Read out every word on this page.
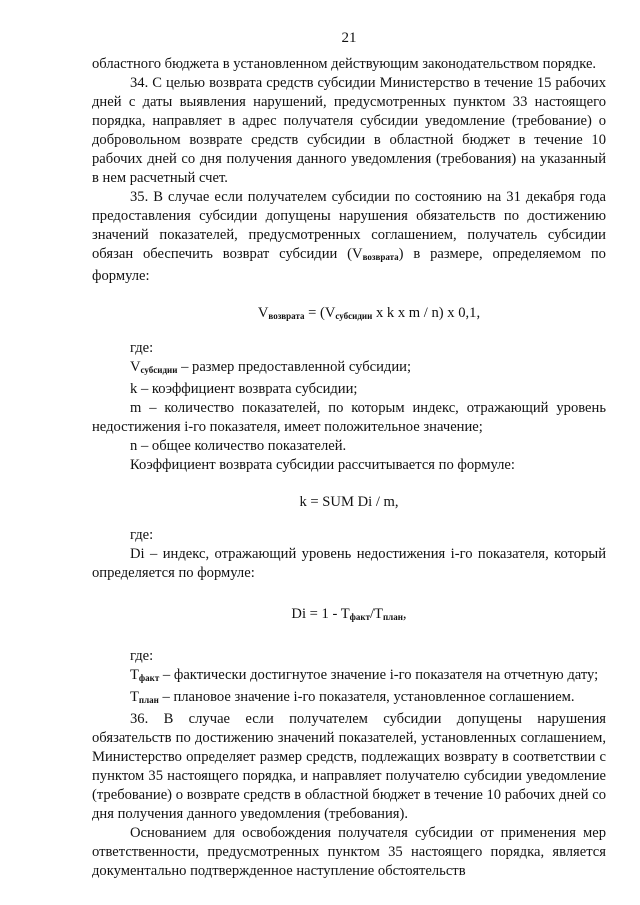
21

областного бюджета в установленном действующим законодательством порядке.

34. С целью возврата средств субсидии Министерство в течение 15 рабочих дней с даты выявления нарушений, предусмотренных пунктом 33 настоящего порядка, направляет в адрес получателя субсидии уведомление (требование) о добровольном возврате средств субсидии в областной бюджет в течение 10 рабочих дней со дня получения данного уведомления (требования) на указанный в нем расчетный счет.

35. В случае если получателем субсидии по состоянию на 31 декабря года предоставления субсидии допущены нарушения обязательств по достижению значений показателей, предусмотренных соглашением, получатель субсидии обязан обеспечить возврат субсидии $(V_{возврата})$ в размере, определяемом по формуле:

$V_{возврата} = (V_{субсидии}$ x k x m / n) x 0,1,

где:

$V_{субсидии}$ – размер предоставленной субсидии;

k – коэффициент возврата субсидии;

m – количество показателей, по которым индекс, отражающий уровень недостижения i-го показателя, имеет положительное значение;

n – общее количество показателей.

Коэффициент возврата субсидии рассчитывается по формуле:

k = SUM Di / m,

где:

Di – индекс, отражающий уровень недостижения i-го показателя, который определяется по формуле:

$Di = 1 - T_{факт}/T_{план}$,

где:

$T_{факт}$ – фактически достигнутое значение i-го показателя на отчетную дату;

$T_{план}$ – плановое значение i-го показателя, установленное соглашением.

36. В случае если получателем субсидии допущены нарушения обязательств по достижению значений показателей, установленных соглашением, Министерство определяет размер средств, подлежащих возврату в соответствии с пунктом 35 настоящего порядка, и направляет получателю субсидии уведомление (требование) о возврате средств в областной бюджет в течение 10 рабочих дней со дня получения данного уведомления (требования).

Основанием для освобождения получателя субсидии от применения мер ответственности, предусмотренных пунктом 35 настоящего порядка, является документально подтвержденное наступление обстоятельств
